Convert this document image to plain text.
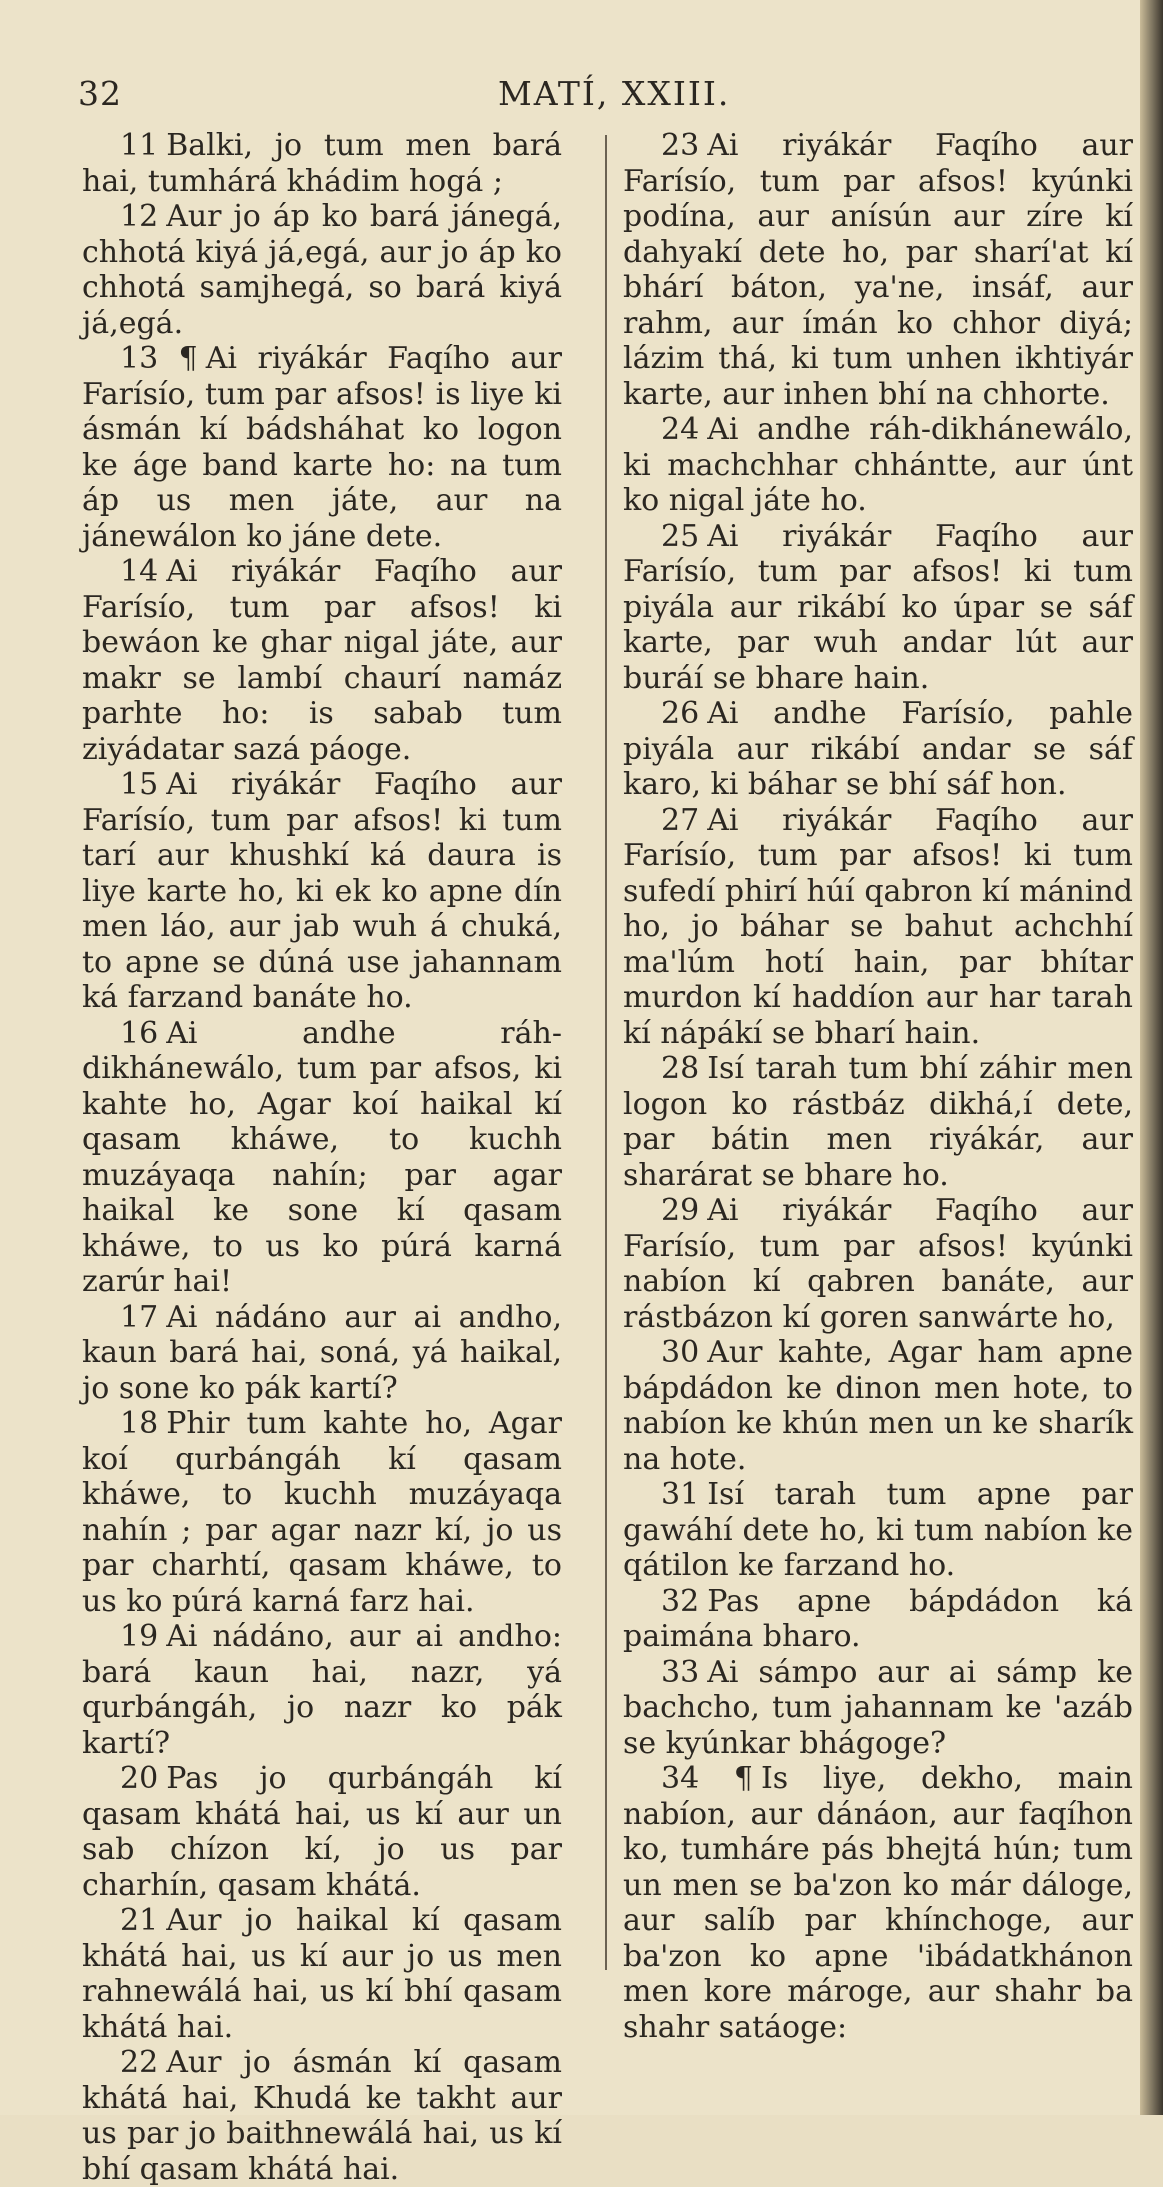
32	MATÍ, XXIII.

11 Balki, jo tum men bará hai, tumhárá khádim hogá ;

12 Aur jo áp ko bará jánegá, chhotá kiyá já,egá, aur jo áp ko chhotá samjhegá, so bará kiyá já,egá.

13 ¶ Ai riyákár Faqího aur Farísío, tum par afsos! is liye ki ásmán kí bádsháhat ko logon ke áge band karte ho: na tum áp us men játe, aur na jánewálon ko jáne dete.

14 Ai riyákár Faqího aur Farísío, tum par afsos! ki bewáon ke ghar nigal játe, aur makr se lambí chaurí namáz parhte ho: is sabab tum ziyádatar sazá páoge.

15 Ai riyákár Faqího aur Farísío, tum par afsos! ki tum tarí aur khushkí ká daura is liye karte ho, ki ek ko apne dín men láo, aur jab wuh á chuká, to apne se dúná use jahannam ká farzand banáte ho.

16 Ai andhe ráh-dikhánewálo, tum par afsos, ki kahte ho, Agar koí haikal kí qasam kháwe, to kuchh muzáyaqa nahín; par agar haikal ke sone kí qasam kháwe, to us ko púrá karná zarúr hai!

17 Ai nádáno aur ai andho, kaun bará hai, soná, yá haikal, jo sone ko pák kartí?

18 Phir tum kahte ho, Agar koí qurbángáh kí qasam kháwe, to kuchh muzáyaqa nahín ; par agar nazr kí, jo us par charhtí, qasam kháwe, to us ko púrá karná farz hai.

19 Ai nádáno, aur ai andho: bará kaun hai, nazr, yá qurbángáh, jo nazr ko pák kartí?

20 Pas jo qurbángáh kí qasam khátá hai, us kí aur un sab chízon kí, jo us par charhín, qasam khátá.

21 Aur jo haikal kí qasam khátá hai, us kí aur jo us men rahnewálá hai, us kí bhí qasam khátá hai.

22 Aur jo ásmán kí qasam khátá hai, Khudá ke takht aur us par jo baithnewálá hai, us kí bhí qasam khátá hai.

23 Ai riyákár Faqího aur Farísío, tum par afsos! kyúnki podína, aur anísún aur zíre kí dahyakí dete ho, par sharí'at kí bhárí báton, ya'ne, insáf, aur rahm, aur ímán ko chhor diyá; lázim thá, ki tum unhen ikhtiyár karte, aur inhen bhí na chhorte.

24 Ai andhe ráh-dikhánewálo, ki machchhar chhántte, aur únt ko nigal játe ho.

25 Ai riyákár Faqího aur Farísío, tum par afsos! ki tum piyála aur rikábí ko úpar se sáf karte, par wuh andar lút aur buráí se bhare hain.

26 Ai andhe Farísío, pahle piyála aur rikábí andar se sáf karo, ki báhar se bhí sáf hon.

27 Ai riyákár Faqího aur Farísío, tum par afsos! ki tum sufedí phirí húí qabron kí mánind ho, jo báhar se bahut achchhí ma'lúm hotí hain, par bhítar murdon kí haddíon aur har tarah kí nápákí se bharí hain.

28 Isí tarah tum bhí záhir men logon ko rástbáz dikhá,í dete, par bátin men riyákár, aur sharárat se bhare ho.

29 Ai riyákár Faqího aur Farísío, tum par afsos! kyúnki nabíon kí qabren banáte, aur rástbázon kí goren sanwárte ho,

30 Aur kahte, Agar ham apne bápdádon ke dinon men hote, to nabíon ke khún men un ke sharík na hote.

31 Isí tarah tum apne par gawáhí dete ho, ki tum nabíon ke qátilon ke farzand ho.

32 Pas apne bápdádon ká paimána bharo.

33 Ai sámpo aur ai sámp ke bachcho, tum jahannam ke 'azáb se kyúnkar bhágoge?

34 ¶ Is liye, dekho, main nabíon, aur dánáon, aur faqíhon ko, tumháre pás bhejtá hún; tum un men se ba'zon ko már dáloge, aur salíb par khínchoge, aur ba'zon ko apne 'ibádatkhánon men kore mároge, aur shahr ba shahr satáoge:
